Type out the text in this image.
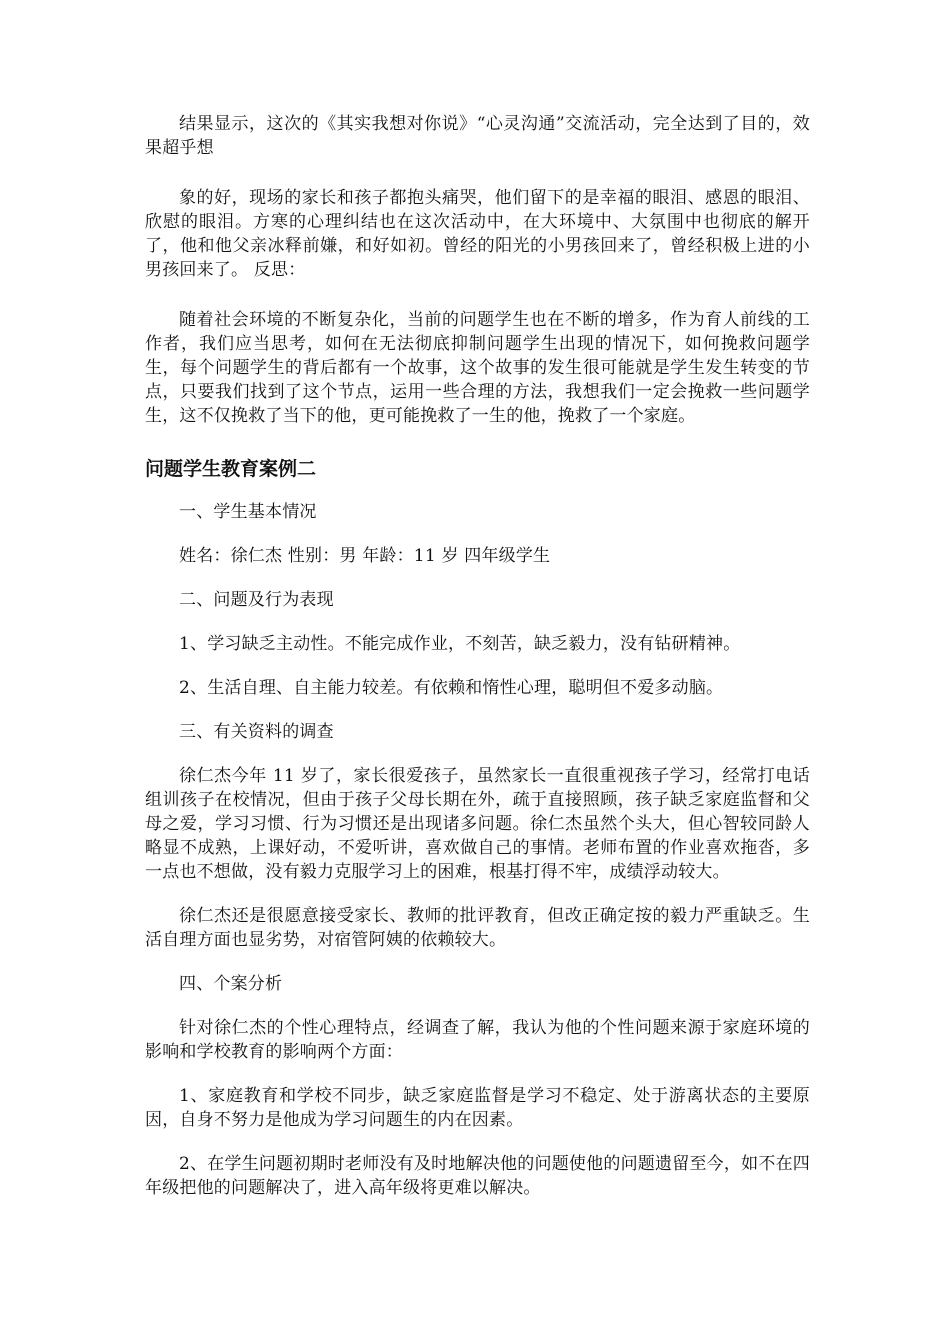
结果显示，这次的《其实我想对你说》“心灵沟通”交流活动，完全达到了目的，效果超乎想

象的好，现场的家长和孩子都抱头痛哭，他们留下的是幸福的眼泪、感恩的眼泪、欣慰的眼泪。方寒的心理纠结也在这次活动中，在大环境中、大氛围中也彻底的解开了，他和他父亲冰释前嫌，和好如初。曾经的阳光的小男孩回来了，曾经积极上进的小男孩回来了。 反思：

随着社会环境的不断复杂化，当前的问题学生也在不断的增多，作为育人前线的工作者，我们应当思考，如何在无法彻底抑制问题学生出现的情况下，如何挽救问题学生，每个问题学生的背后都有一个故事，这个故事的发生很可能就是学生发生转变的节点，只要我们找到了这个节点，运用一些合理的方法，我想我们一定会挽救一些问题学生，这不仅挽救了当下的他，更可能挽救了一生的他，挽救了一个家庭。

问题学生教育案例二

一、学生基本情况

姓名：徐仁杰 性别：男 年龄：11 岁 四年级学生

二、问题及行为表现

1、学习缺乏主动性。不能完成作业，不刻苦，缺乏毅力，没有钻研精神。

2、生活自理、自主能力较差。有依赖和惰性心理，聪明但不爱多动脑。

三、有关资料的调查

徐仁杰今年 11 岁了，家长很爱孩子，虽然家长一直很重视孩子学习，经常打电话组训孩子在校情况，但由于孩子父母长期在外，疏于直接照顾，孩子缺乏家庭监督和父母之爱，学习习惯、行为习惯还是出现诸多问题。徐仁杰虽然个头大，但心智较同龄人略显不成熟，上课好动，不爱听讲，喜欢做自己的事情。老师布置的作业喜欢拖沓，多一点也不想做，没有毅力克服学习上的困难，根基打得不牢，成绩浮动较大。

徐仁杰还是很愿意接受家长、教师的批评教育，但改正确定按的毅力严重缺乏。生活自理方面也显劣势，对宿管阿姨的依赖较大。

四、个案分析

针对徐仁杰的个性心理特点，经调查了解，我认为他的个性问题来源于家庭环境的影响和学校教育的影响两个方面：

1、家庭教育和学校不同步，缺乏家庭监督是学习不稳定、处于游离状态的主要原因，自身不努力是他成为学习问题生的内在因素。

2、在学生问题初期时老师没有及时地解决他的问题使他的问题遗留至今，如不在四年级把他的问题解决了，进入高年级将更难以解决。
